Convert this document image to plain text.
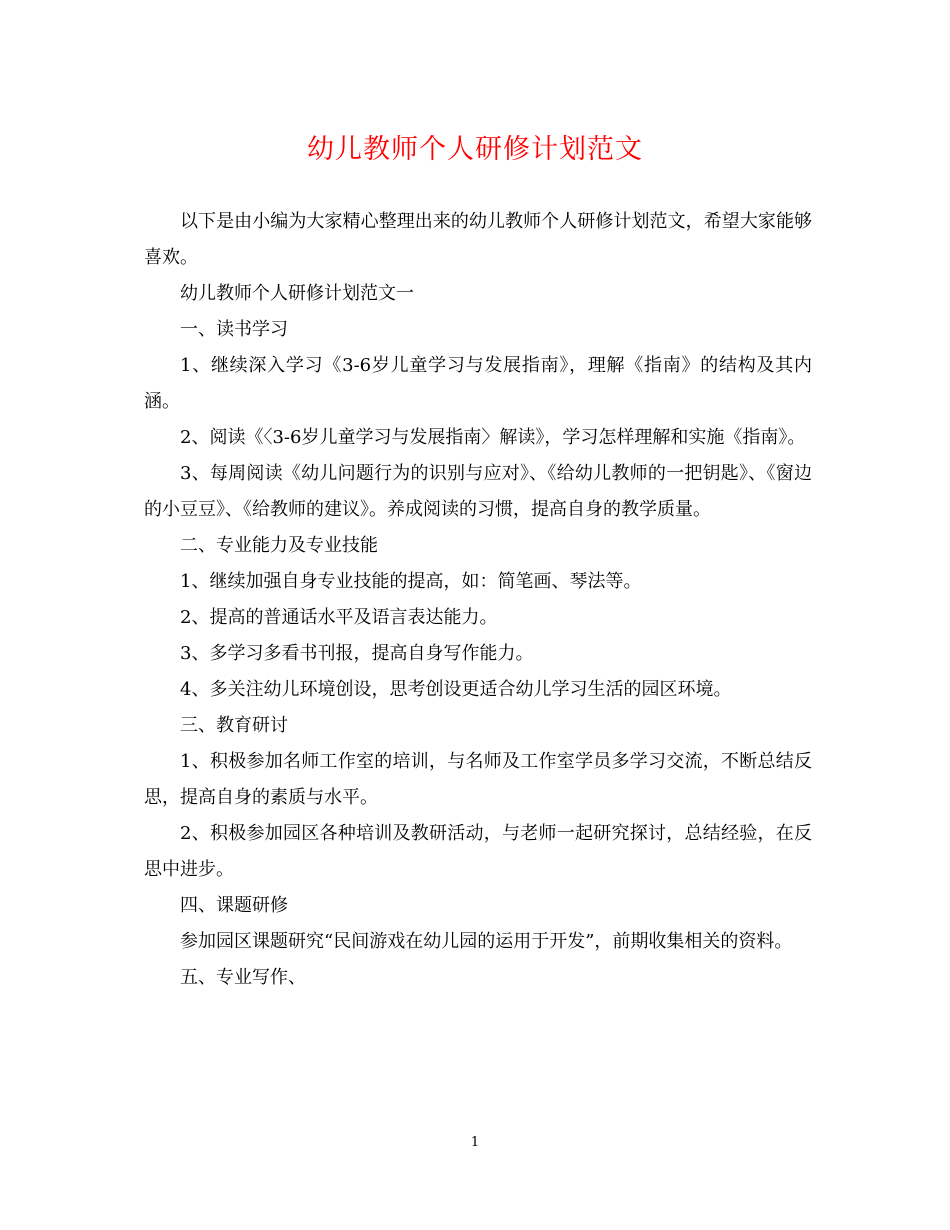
幼儿教师个人研修计划范文

以下是由小编为大家精心整理出来的幼儿教师个人研修计划范文，希望大家能够喜欢。

幼儿教师个人研修计划范文一

一、读书学习

1、继续深入学习《3-6岁儿童学习与发展指南》，理解《指南》的结构及其内涵。

2、阅读《〈3-6岁儿童学习与发展指南〉解读》，学习怎样理解和实施《指南》。

3、每周阅读《幼儿问题行为的识别与应对》、《给幼儿教师的一把钥匙》、《窗边的小豆豆》、《给教师的建议》。养成阅读的习惯，提高自身的教学质量。

二、专业能力及专业技能

1、继续加强自身专业技能的提高，如：简笔画、琴法等。

2、提高的普通话水平及语言表达能力。

3、多学习多看书刊报，提高自身写作能力。

4、多关注幼儿环境创设，思考创设更适合幼儿学习生活的园区环境。

三、教育研讨

1、积极参加名师工作室的培训，与名师及工作室学员多学习交流，不断总结反思，提高自身的素质与水平。

2、积极参加园区各种培训及教研活动，与老师一起研究探讨，总结经验，在反思中进步。

四、课题研修

参加园区课题研究“民间游戏在幼儿园的运用于开发”，前期收集相关的资料。

五、专业写作、

1
